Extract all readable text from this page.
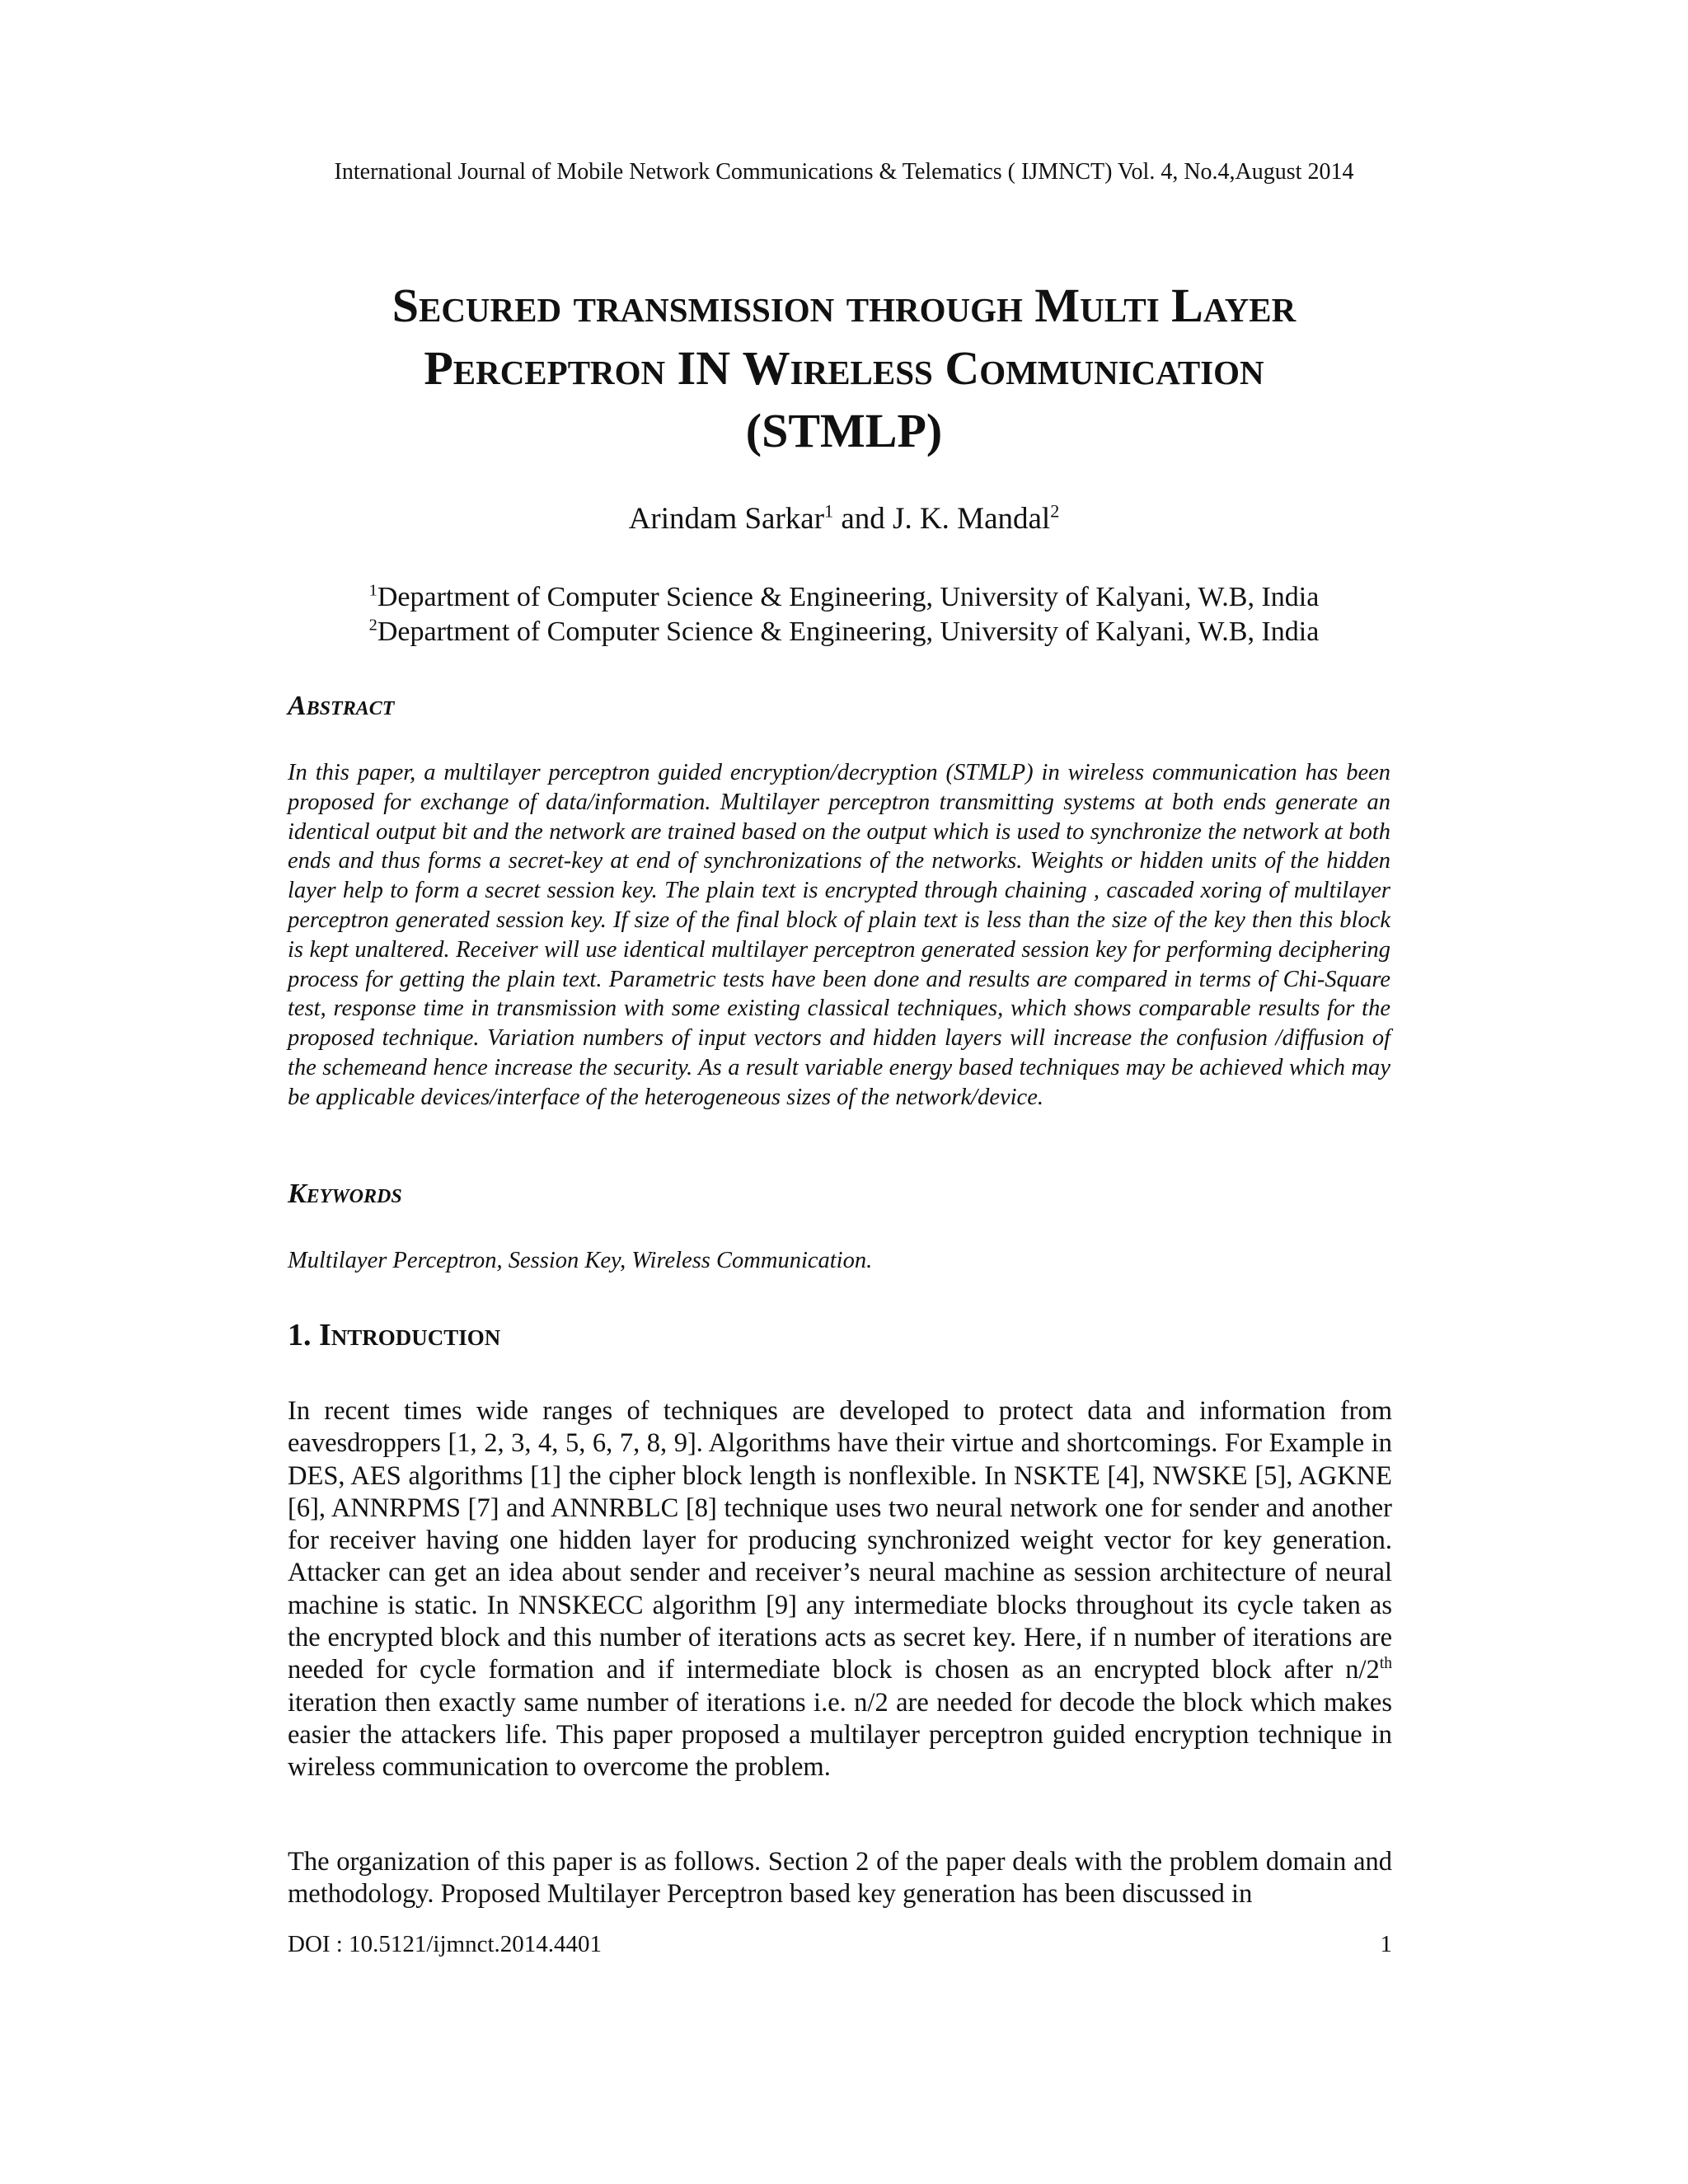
International Journal of Mobile Network Communications & Telematics ( IJMNCT) Vol. 4, No.4,August 2014
Secured transmission through Multi Layer
Perceptron IN Wireless Communication
(STMLP)
Arindam Sarkar$^1$ and J. K. Mandal$^2$
$^1$Department of Computer Science & Engineering, University of Kalyani, W.B, India
$^2$Department of Computer Science & Engineering, University of Kalyani, W.B, India
Abstract
In this paper, a multilayer perceptron guided encryption/decryption (STMLP) in wireless communication has been proposed for exchange of data/information. Multilayer perceptron transmitting systems at both ends generate an identical output bit and the network are trained based on the output which is used to synchronize the network at both ends and thus forms a secret-key at end of synchronizations of the networks. Weights or hidden units of the hidden layer help to form a secret session key. The plain text is encrypted through chaining , cascaded xoring of multilayer perceptron generated session key. If size of the final block of plain text is less than the size of the key then this block is kept unaltered. Receiver will use identical multilayer perceptron generated session key for performing deciphering process for getting the plain text. Parametric tests have been done and results are compared in terms of Chi-Square test, response time in transmission with some existing classical techniques, which shows comparable results for the proposed technique. Variation numbers of input vectors and hidden layers will increase the confusion /diffusion of the schemeand hence increase the security. As a result variable energy based techniques may be achieved which may be applicable devices/interface of the heterogeneous sizes of the network/device.
Keywords
Multilayer Perceptron, Session Key, Wireless Communication.
1. Introduction
In recent times wide ranges of techniques are developed to protect data and information from eavesdroppers [1, 2, 3, 4, 5, 6, 7, 8, 9]. Algorithms have their virtue and shortcomings. For Example in DES, AES algorithms [1] the cipher block length is nonflexible. In NSKTE [4], NWSKE [5], AGKNE [6], ANNRPMS [7] and ANNRBLC [8] technique uses two neural network one for sender and another for receiver having one hidden layer for producing synchronized weight vector for key generation. Attacker can get an idea about sender and receiver’s neural machine as session architecture of neural machine is static. In NNSKECC algorithm [9] any intermediate blocks throughout its cycle taken as the encrypted block and this number of iterations acts as secret key. Here, if n number of iterations are needed for cycle formation and if intermediate block is chosen as an encrypted block after n/2th iteration then exactly same number of iterations i.e. n/2 are needed for decode the block which makes easier the attackers life. This paper proposed a multilayer perceptron guided encryption technique in wireless communication to overcome the problem.
The organization of this paper is as follows. Section 2 of the paper deals with the problem domain and methodology. Proposed Multilayer Perceptron based key generation has been discussed in
DOI : 10.5121/ijmnct.2014.4401	1
